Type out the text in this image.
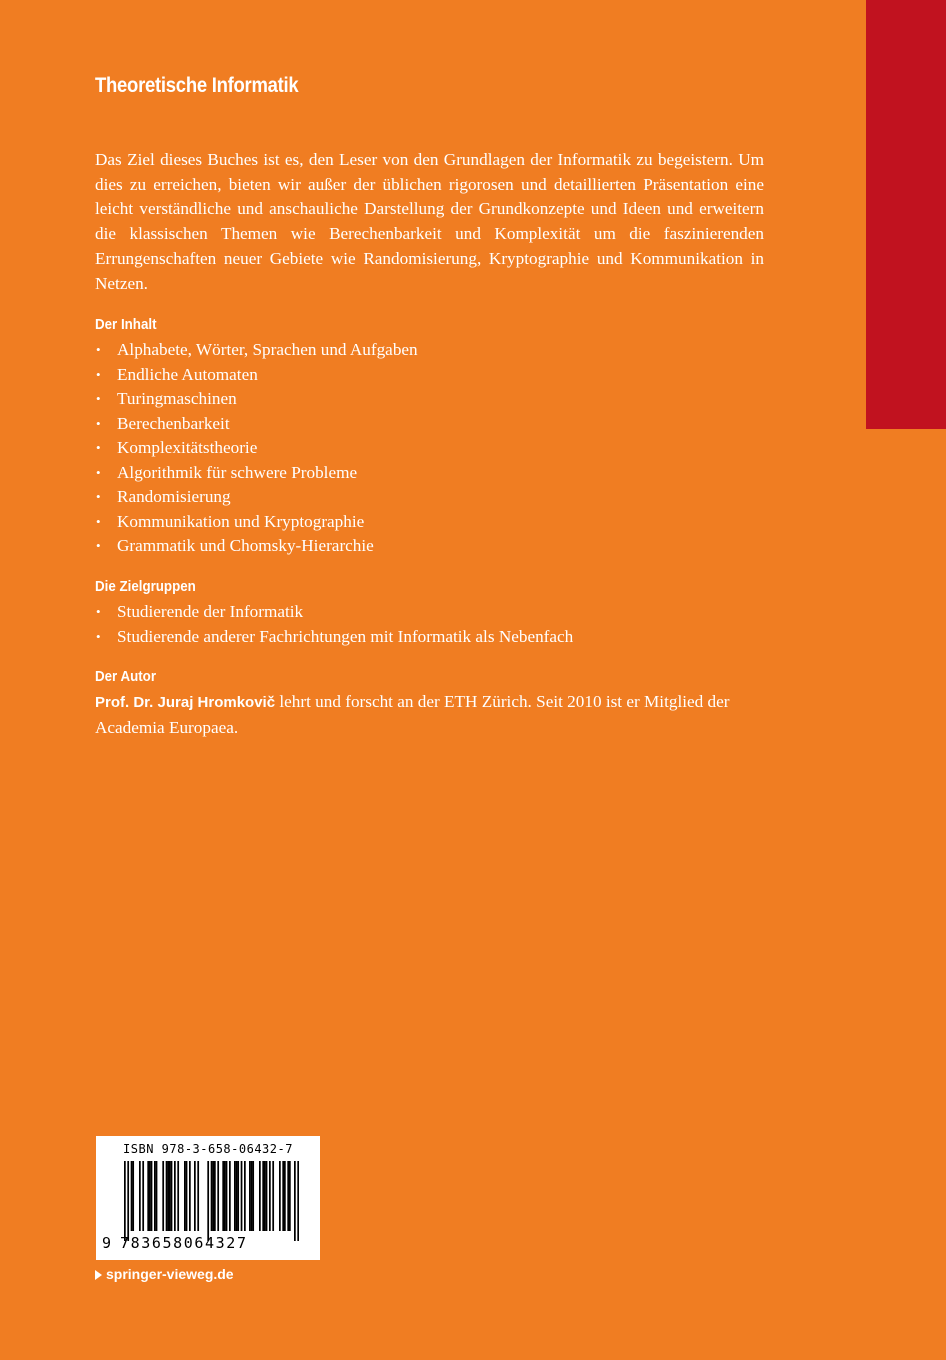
Theoretische Informatik

Das Ziel dieses Buches ist es, den Leser von den Grundlagen der Informatik zu begeistern. Um dies zu erreichen, bieten wir außer der üblichen rigorosen und detaillierten Präsentation eine leicht verständliche und anschauliche Darstellung der Grundkonzepte und Ideen und erweitern die klassischen Themen wie Berechenbarkeit und Komplexität um die faszinierenden Errungenschaften neuer Gebiete wie Randomisierung, Kryptographie und Kommunikation in Netzen.

Der Inhalt
• Alphabete, Wörter, Sprachen und Aufgaben
• Endliche Automaten
• Turingmaschinen
• Berechenbarkeit
• Komplexitätstheorie
• Algorithmik für schwere Probleme
• Randomisierung
• Kommunikation und Kryptographie
• Grammatik und Chomsky-Hierarchie
Die Zielgruppen
• Studierende der Informatik
• Studierende anderer Fachrichtungen mit Informatik als Nebenfach
Der Autor

Prof. Dr. Juraj Hromkovič lehrt und forscht an der ETH Zürich. Seit 2010 ist er Mitglied der Academia Europaea.

ISBN 978-3-658-06432-7
9 783658064327
springer-vieweg.de
